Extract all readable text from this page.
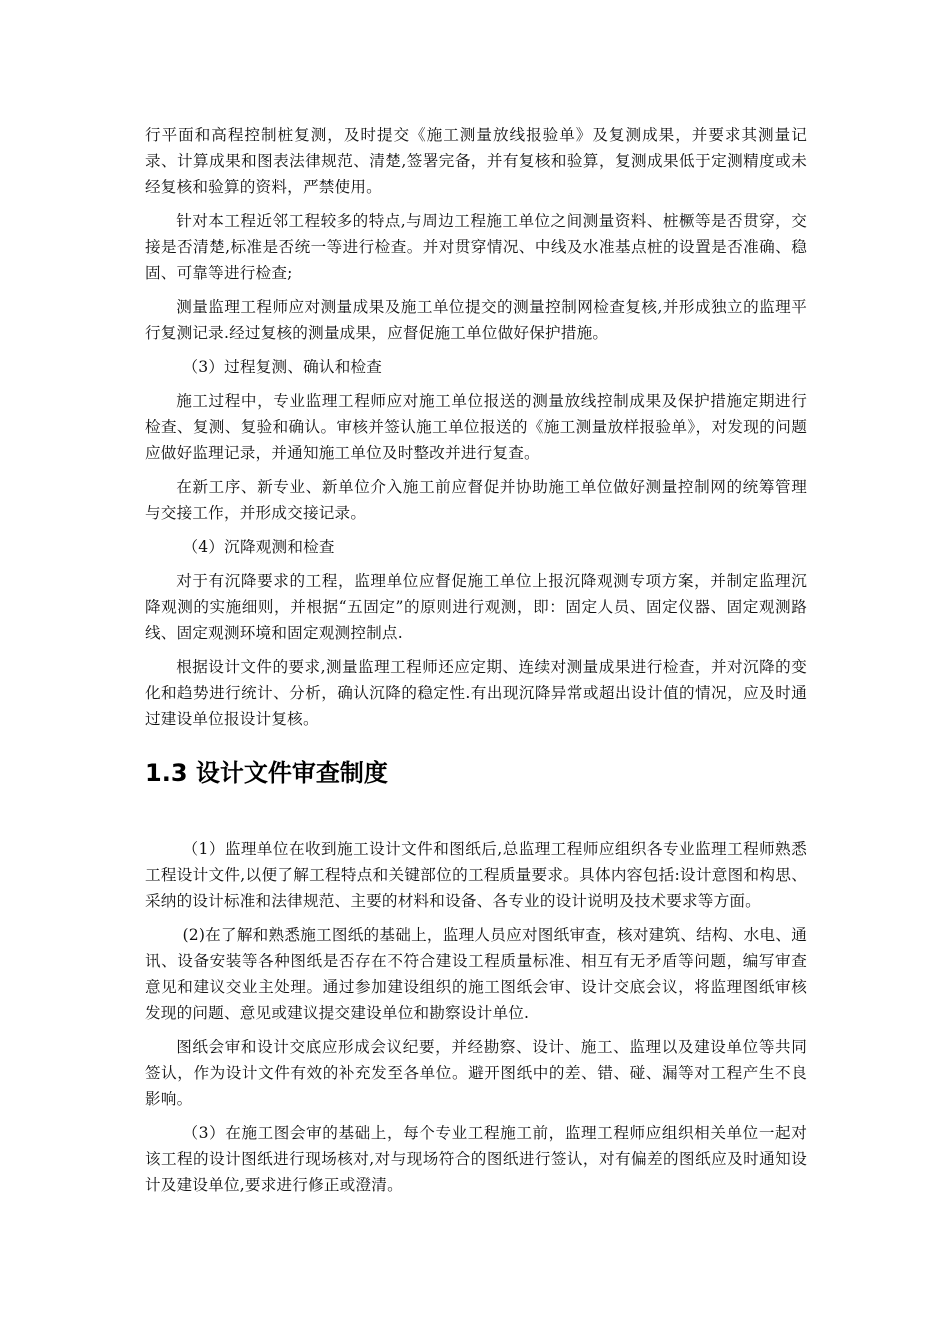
行平面和高程控制桩复测，及时提交《施工测量放线报验单》及复测成果，并要求其测量记录、计算成果和图表法律规范、清楚,签署完备，并有复核和验算，复测成果低于定测精度或未经复核和验算的资料，严禁使用。

针对本工程近邻工程较多的特点,与周边工程施工单位之间测量资料、桩橛等是否贯穿，交接是否清楚,标准是否统一等进行检查。并对贯穿情况、中线及水准基点桩的设置是否准确、稳固、可靠等进行检查;

测量监理工程师应对测量成果及施工单位提交的测量控制网检查复核,并形成独立的监理平行复测记录.经过复核的测量成果，应督促施工单位做好保护措施。

（3）过程复测、确认和检查

施工过程中，专业监理工程师应对施工单位报送的测量放线控制成果及保护措施定期进行检查、复测、复验和确认。审核并签认施工单位报送的《施工测量放样报验单》，对发现的问题应做好监理记录，并通知施工单位及时整改并进行复查。

在新工序、新专业、新单位介入施工前应督促并协助施工单位做好测量控制网的统筹管理与交接工作，并形成交接记录。

（4）沉降观测和检查

对于有沉降要求的工程，监理单位应督促施工单位上报沉降观测专项方案，并制定监理沉降观测的实施细则，并根据“五固定”的原则进行观测，即：固定人员、固定仪器、固定观测路线、固定观测环境和固定观测控制点.

根据设计文件的要求,测量监理工程师还应定期、连续对测量成果进行检查，并对沉降的变化和趋势进行统计、分析，确认沉降的稳定性.有出现沉降异常或超出设计值的情况，应及时通过建设单位报设计复核。

1.3 设计文件审查制度

（1）监理单位在收到施工设计文件和图纸后,总监理工程师应组织各专业监理工程师熟悉工程设计文件,以便了解工程特点和关键部位的工程质量要求。具体内容包括:设计意图和构思、采纳的设计标准和法律规范、主要的材料和设备、各专业的设计说明及技术要求等方面。

(2)在了解和熟悉施工图纸的基础上，监理人员应对图纸审查，核对建筑、结构、水电、通讯、设备安装等各种图纸是否存在不符合建设工程质量标准、相互有无矛盾等问题，编写审查意见和建议交业主处理。通过参加建设组织的施工图纸会审、设计交底会议，将监理图纸审核发现的问题、意见或建议提交建设单位和勘察设计单位.

图纸会审和设计交底应形成会议纪要，并经勘察、设计、施工、监理以及建设单位等共同签认，作为设计文件有效的补充发至各单位。避开图纸中的差、错、碰、漏等对工程产生不良影响。

（3）在施工图会审的基础上，每个专业工程施工前，监理工程师应组织相关单位一起对该工程的设计图纸进行现场核对,对与现场符合的图纸进行签认，对有偏差的图纸应及时通知设计及建设单位,要求进行修正或澄清。
